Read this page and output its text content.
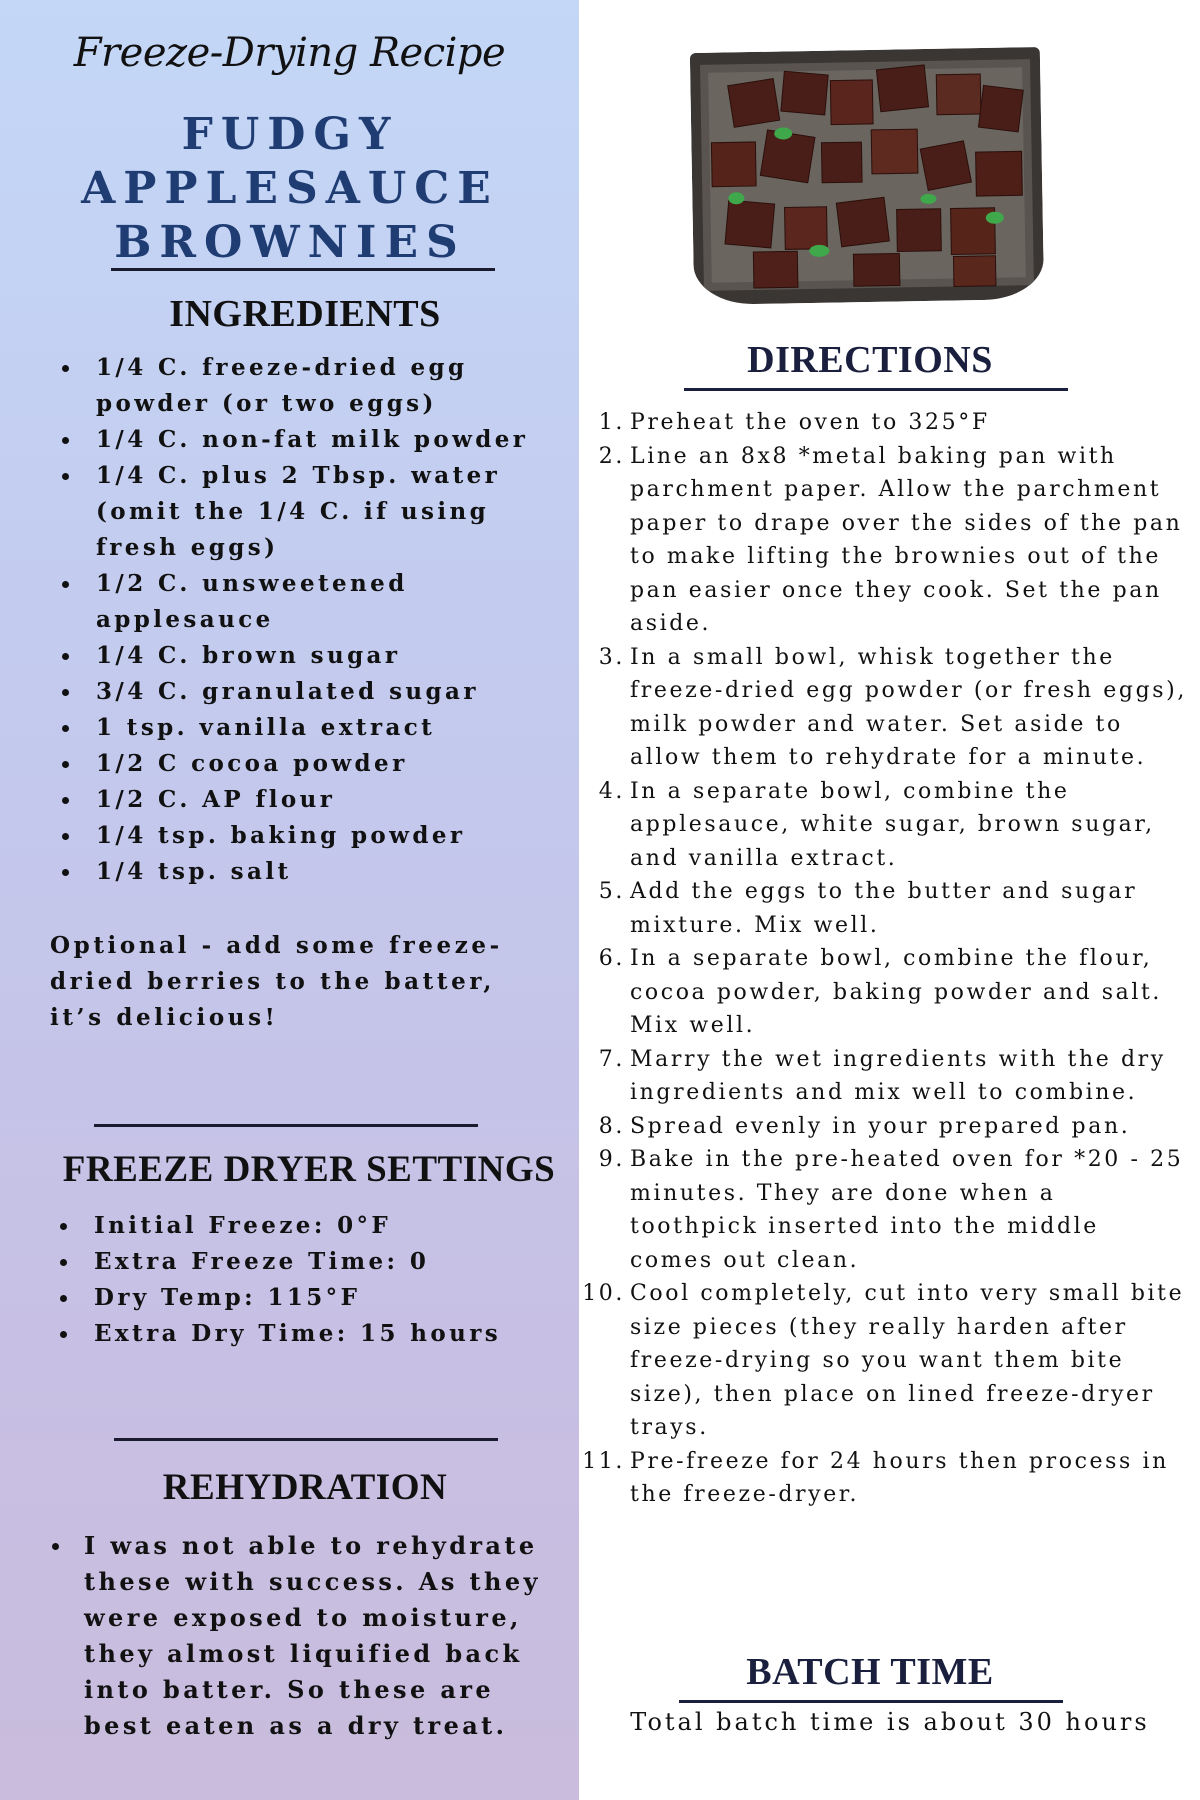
Freeze-Drying Recipe
FUDGY
APPLESAUCE
BROWNIES
INGREDIENTS
1/4 C. freeze-dried egg powder (or two eggs)
1/4 C. non-fat milk powder
1/4 C. plus 2 Tbsp. water (omit the 1/4 C. if using fresh eggs)
1/2 C. unsweetened applesauce
1/4 C. brown sugar
3/4 C. granulated sugar
1 tsp. vanilla extract
1/2 C cocoa powder
1/2 C. AP flour
1/4 tsp. baking powder
1/4 tsp. salt
Optional - add some freeze-dried berries to the batter, it’s delicious!
FREEZE DRYER SETTINGS
Initial Freeze: 0°F
Extra Freeze Time: 0
Dry Temp: 115°F
Extra Dry Time: 15 hours
REHYDRATION
I was not able to rehydrate these with success. As they were exposed to moisture, they almost liquified back into batter. So these are best eaten as a dry treat.
DIRECTIONS
1. Preheat the oven to 325°F
2. Line an 8x8 *metal baking pan with parchment paper. Allow the parchment paper to drape over the sides of the pan to make lifting the brownies out of the pan easier once they cook. Set the pan aside.
3. In a small bowl, whisk together the freeze-dried egg powder (or fresh eggs), milk powder and water. Set aside to allow them to rehydrate for a minute.
4. In a separate bowl, combine the applesauce, white sugar, brown sugar, and vanilla extract.
5. Add the eggs to the butter and sugar mixture. Mix well.
6. In a separate bowl, combine the flour, cocoa powder, baking powder and salt. Mix well.
7. Marry the wet ingredients with the dry ingredients and mix well to combine.
8. Spread evenly in your prepared pan.
9. Bake in the pre-heated oven for *20 - 25 minutes. They are done when a toothpick inserted into the middle comes out clean.
10. Cool completely, cut into very small bite size pieces (they really harden after freeze-drying so you want them bite size), then place on lined freeze-dryer trays.
11. Pre-freeze for 24 hours then process in the freeze-dryer.
BATCH TIME
Total batch time is about 30 hours
